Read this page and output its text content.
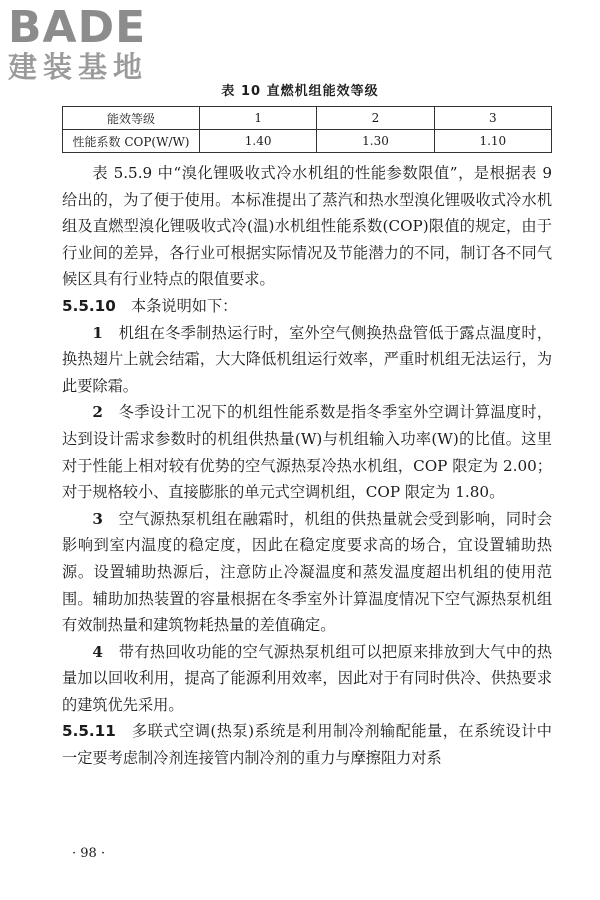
BADE
建装基地
表 10 直燃机组能效等级
能效等级	1	2	3
性能系数 COP(W/W)	1.40	1.30	1.10

表 5.5.9 中“溴化锂吸收式冷水机组的性能参数限值”，是根据表 9 给出的，为了便于使用。本标准提出了蒸汽和热水型溴化锂吸收式冷水机组及直燃型溴化锂吸收式冷(温)水机组性能系数(COP)限值的规定，由于行业间的差异，各行业可根据实际情况及节能潜力的不同，制订各不同气候区具有行业特点的限值要求。

5.5.10　 本条说明如下：

1　 机组在冬季制热运行时，室外空气侧换热盘管低于露点温度时，换热翅片上就会结霜，大大降低机组运行效率，严重时机组无法运行，为此要除霜。

2　 冬季设计工况下的机组性能系数是指冬季室外空调计算温度时，达到设计需求参数时的机组供热量(W)与机组输入功率(W)的比值。这里对于性能上相对较有优势的空气源热泵冷热水机组，COP 限定为 2.00；对于规格较小、直接膨胀的单元式空调机组，COP 限定为 1.80。

3　 空气源热泵机组在融霜时，机组的供热量就会受到影响，同时会影响到室内温度的稳定度，因此在稳定度要求高的场合，宜设置辅助热源。设置辅助热源后，注意防止冷凝温度和蒸发温度超出机组的使用范围。辅助加热装置的容量根据在冬季室外计算温度情况下空气源热泵机组有效制热量和建筑物耗热量的差值确定。

4　 带有热回收功能的空气源热泵机组可以把原来排放到大气中的热量加以回收利用，提高了能源利用效率，因此对于有同时供冷、供热要求的建筑优先采用。

5.5.11　 多联式空调(热泵)系统是利用制冷剂输配能量，在系统设计中一定要考虑制冷剂连接管内制冷剂的重力与摩擦阻力对系

· 98 ·
